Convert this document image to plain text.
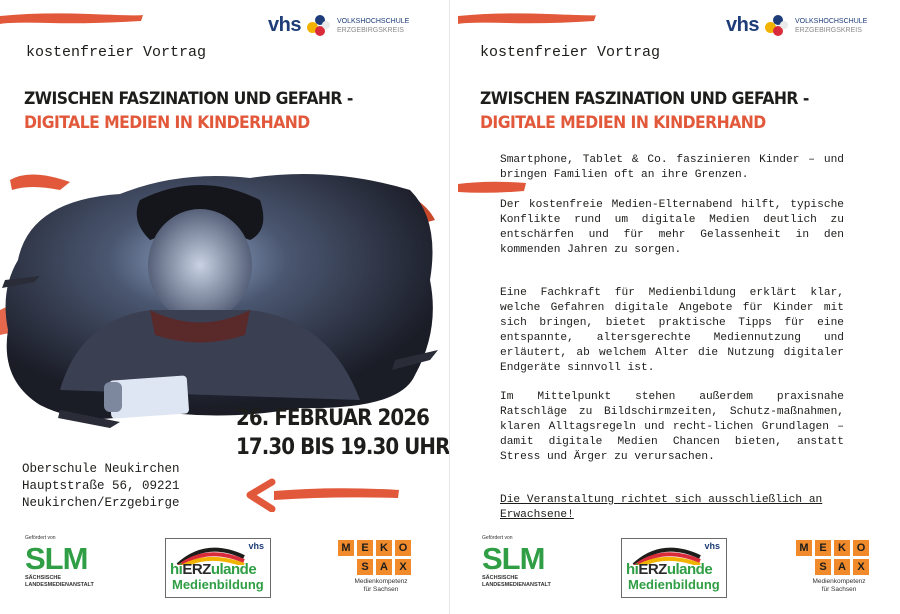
vhs	VOLKSHOCHSCHULE
ERZGEBIRGSKREIS
kostenfreier Vortrag
ZWISCHEN FASZINATION UND GEFAHR -
DIGITALE MEDIEN IN KINDERHAND
26. FEBRUAR 2026
17.30 BIS 19.30 UHR
Oberschule Neukirchen
Hauptstraße 56, 09221
Neukirchen/Erzgebirge
Gefördert von
SLM
SÄCHSISCHE
LANDESMEDIENANSTALT
vhs
hiERZulande
Medienbildung
M E	K O
S	A	X
Medienkompetenz
für Sachsen
vhs	VOLKSHOCHSCHULE
ERZGEBIRGSKREIS
kostenfreier Vortrag
ZWISCHEN FASZINATION UND GEFAHR -
DIGITALE MEDIEN IN KINDERHAND

Smartphone, Tablet & Co. faszinieren Kinder – und bringen Familien oft an ihre Grenzen.

Der kostenfreie Medien-Elternabend hilft, typische Konflikte rund um digitale Medien deutlich zu entschärfen und für mehr Gelassenheit in den kommenden Jahren zu sorgen.

Eine Fachkraft für Medienbildung erklärt klar, welche Gefahren digitale Angebote für Kinder mit sich bringen, bietet praktische Tipps für eine entspannte, altersgerechte Mediennutzung und erläutert, ab welchem Alter die Nutzung digitaler Endgeräte sinnvoll ist.

Im Mittelpunkt stehen außerdem praxisnahe Ratschläge zu Bildschirmzeiten, Schutz-maßnahmen, klaren Alltagsregeln und recht-lichen Grundlagen – damit digitale Medien Chancen bieten, anstatt Stress und Ärger zu verursachen.

Die Veranstaltung richtet sich ausschließlich an Erwachsene!

Gefördert von
SLM
SÄCHSISCHE
LANDESMEDIENANSTALT
vhs
hiERZulande
Medienbildung
M E	K O
S	A	X
Medienkompetenz
für Sachsen
